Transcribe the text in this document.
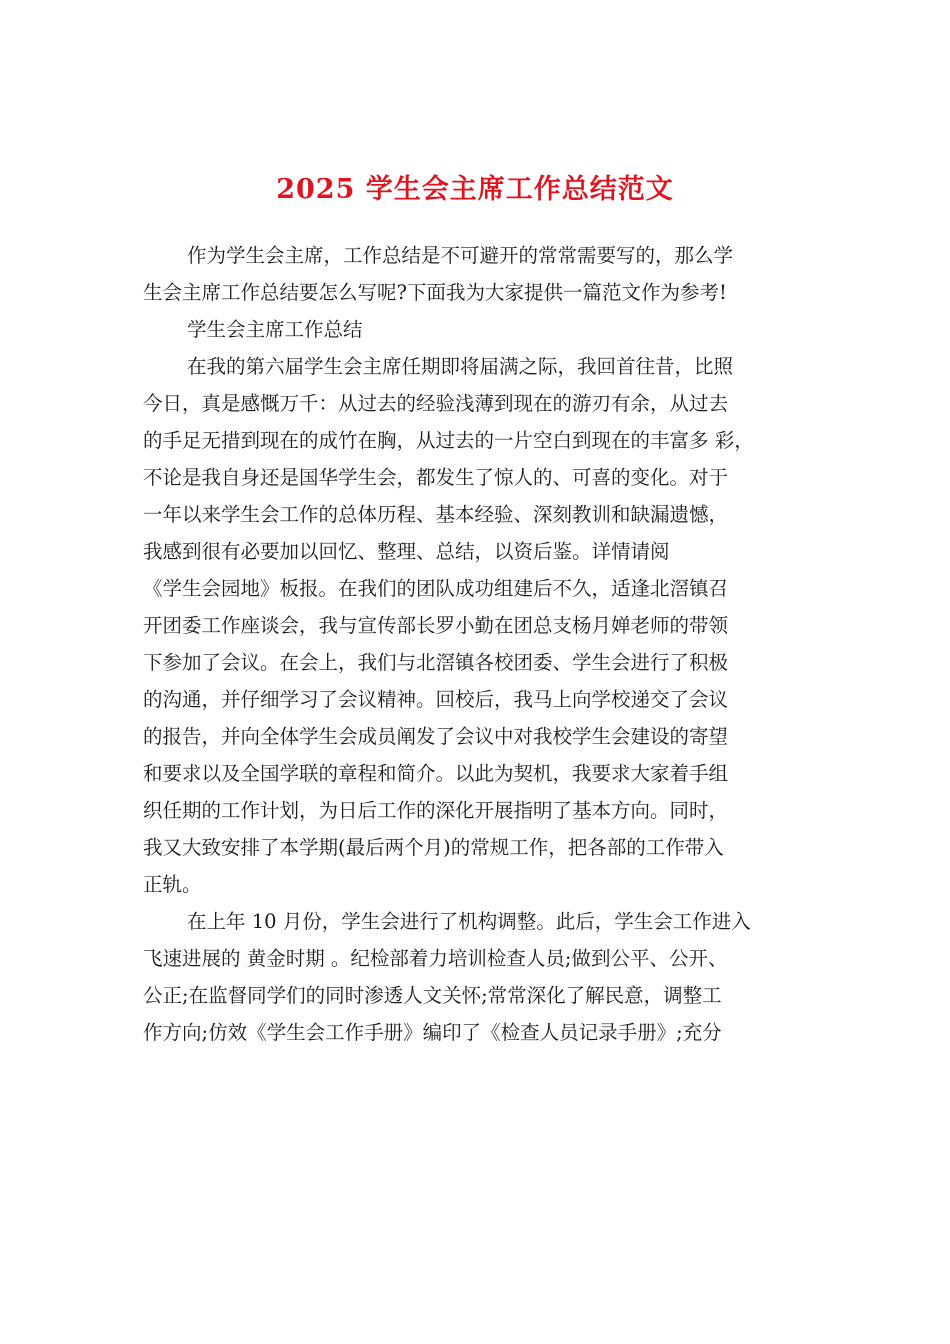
2025 学生会主席工作总结范文
作为学生会主席，工作总结是不可避开的常常需要写的，那么学
生会主席工作总结要怎么写呢?下面我为大家提供一篇范文作为参考!
学生会主席工作总结
在我的第六届学生会主席任期即将届满之际，我回首往昔，比照
今日，真是感慨万千：从过去的经验浅薄到现在的游刃有余，从过去
的手足无措到现在的成竹在胸，从过去的一片空白到现在的丰富多 彩，
不论是我自身还是国华学生会，都发生了惊人的、可喜的变化。对于
一年以来学生会工作的总体历程、基本经验、深刻教训和缺漏遗憾，
我感到很有必要加以回忆、整理、总结，以资后鉴。详情请阅
《学生会园地》板报。在我们的团队成功组建后不久，适逢北滘镇召
开团委工作座谈会，我与宣传部长罗小勤在团总支杨月婵老师的带领
下参加了会议。在会上，我们与北滘镇各校团委、学生会进行了积极
的沟通，并仔细学习了会议精神。回校后，我马上向学校递交了会议
的报告，并向全体学生会成员阐发了会议中对我校学生会建设的寄望
和要求以及全国学联的章程和简介。以此为契机，我要求大家着手组
织任期的工作计划，为日后工作的深化开展指明了基本方向。同时，
我又大致安排了本学期(最后两个月)的常规工作，把各部的工作带入
正轨。
在上年 10 月份，学生会进行了机构调整。此后，学生会工作进入
飞速进展的 黄金时期 。纪检部着力培训检查人员;做到公平、公开、
公正;在监督同学们的同时渗透人文关怀;常常深化了解民意，调整工
作方向;仿效《学生会工作手册》编印了《检查人员记录手册》;充分
